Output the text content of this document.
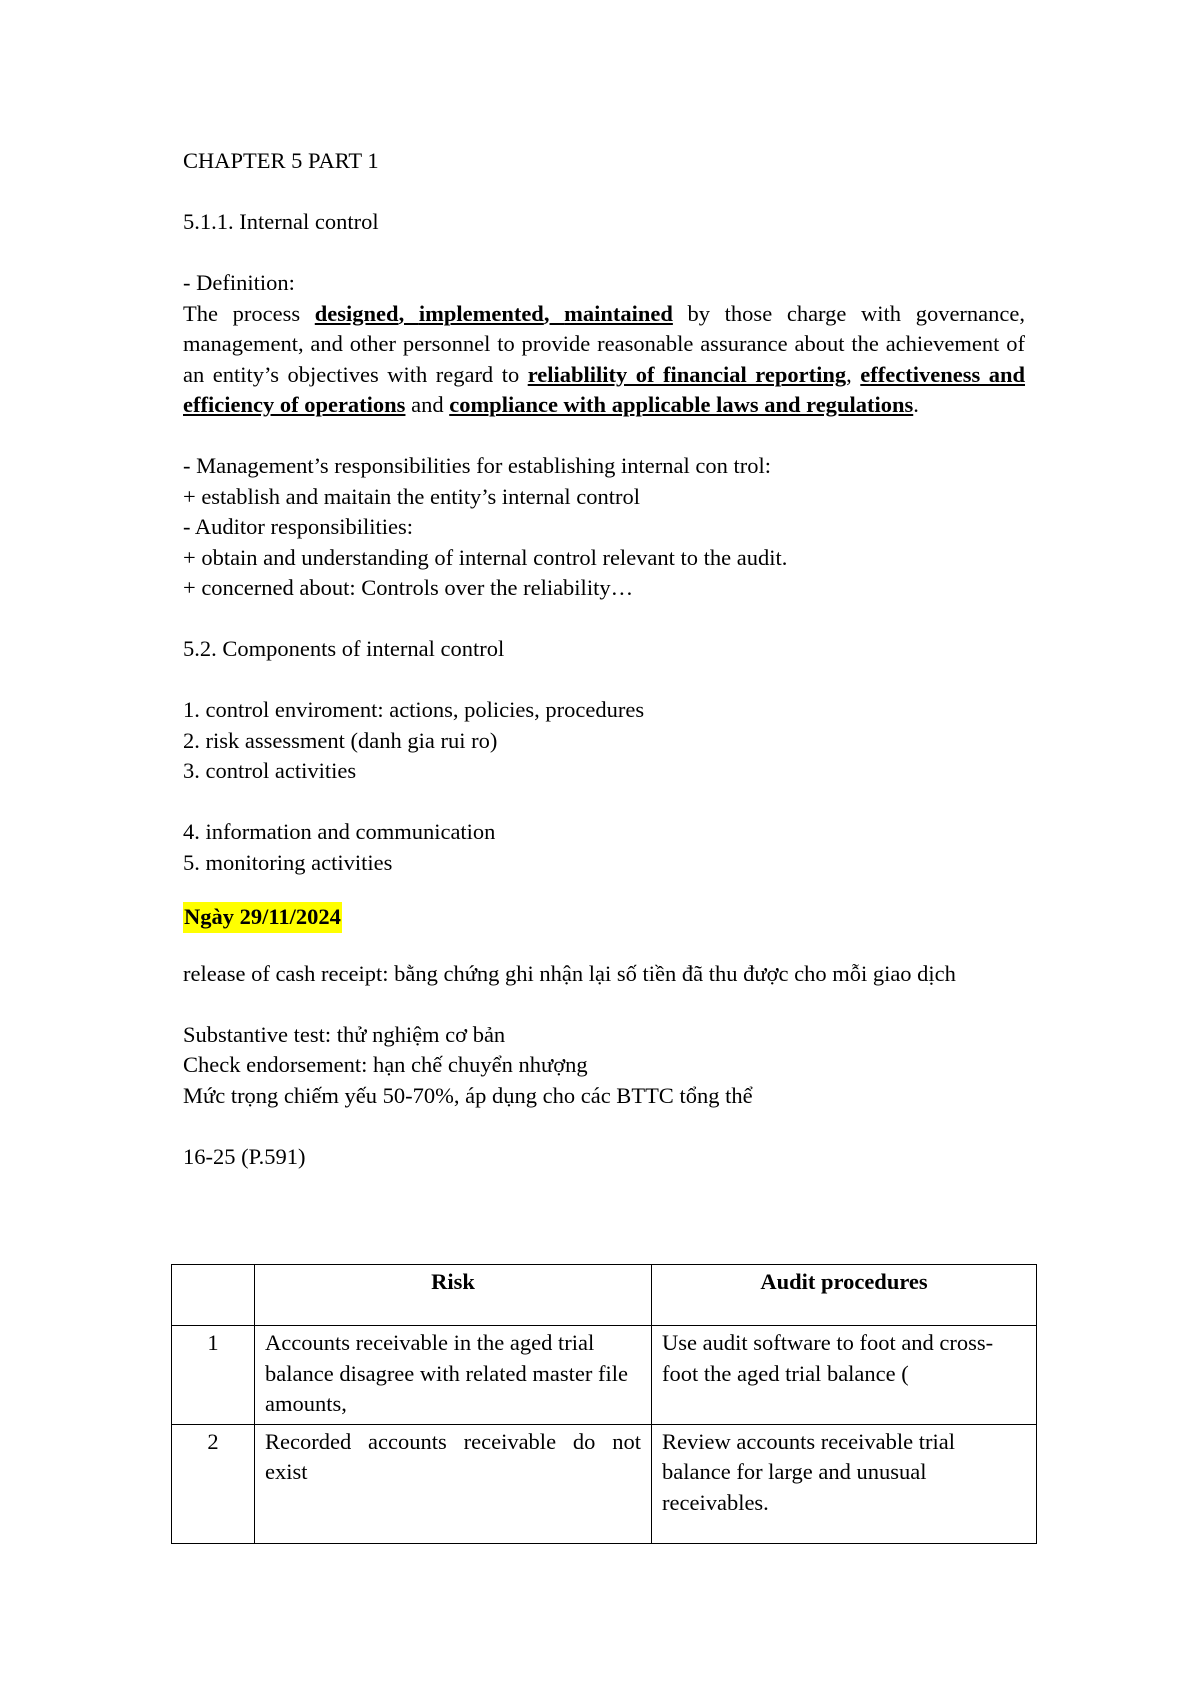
CHAPTER 5 PART 1
5.1.1. Internal control
- Definition:
The process designed, implemented, maintained by those charge with governance, management, and other personnel to provide reasonable assurance about the achievement of an entity’s objectives with regard to reliablility of financial reporting, effectiveness and efficiency of operations and compliance with applicable laws and regulations.
- Management’s responsibilities for establishing internal con trol:
+ establish and maitain the entity’s internal control
- Auditor responsibilities:
+ obtain and understanding of internal control relevant to the audit.
+ concerned about: Controls over the reliability…
5.2. Components of internal control
1. control enviroment: actions, policies, procedures
2. risk assessment (danh gia rui ro)
3. control activities
4. information and communication
5. monitoring activities
Ngày 29/11/2024
release of cash receipt: bằng chứng ghi nhận lại số tiền đã thu được cho mỗi giao dịch
Substantive test: thử nghiệm cơ bản
Check endorsement: hạn chế chuyển nhượng
Mức trọng chiếm yếu 50-70%, áp dụng cho các BTTC tổng thể
16-25 (P.591)
	Risk	Audit procedures
1	Accounts receivable in the aged trial balance disagree with related master file amounts,	Use audit software to foot and cross-foot the aged trial balance (
2	Recorded accounts receivable do not exist	Review accounts receivable trial balance for large and unusual receivables.
